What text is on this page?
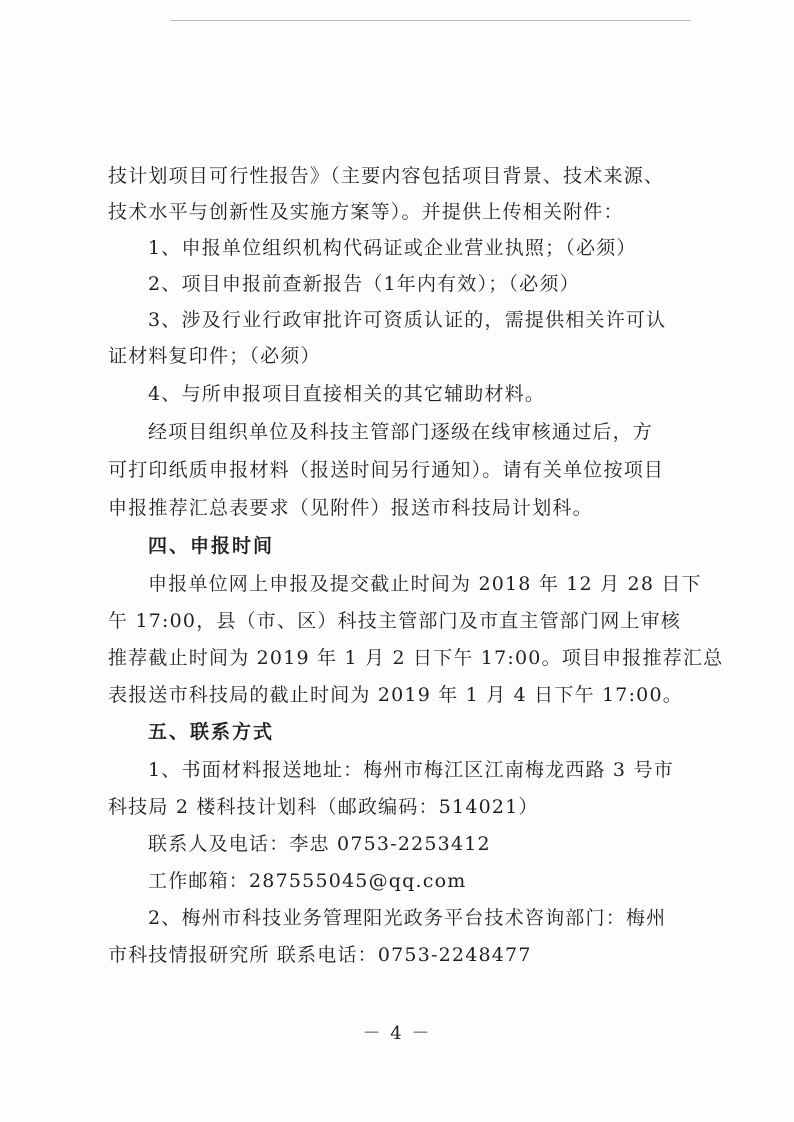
技计划项目可行性报告》（主要内容包括项目背景、技术来源、
技术水平与创新性及实施方案等）。并提供上传相关附件：
1、申报单位组织机构代码证或企业营业执照；（必须）
2、项目申报前查新报告（1年内有效）；（必须）
3、涉及行业行政审批许可资质认证的，需提供相关许可认
证材料复印件；（必须）
4、与所申报项目直接相关的其它辅助材料。
经项目组织单位及科技主管部门逐级在线审核通过后，方
可打印纸质申报材料（报送时间另行通知）。请有关单位按项目
申报推荐汇总表要求（见附件）报送市科技局计划科。
四、申报时间
申报单位网上申报及提交截止时间为 2018 年 12 月 28 日下
午 17:00，县（市、区）科技主管部门及市直主管部门网上审核
推荐截止时间为 2019 年 1 月 2 日下午 17:00。项目申报推荐汇总
表报送市科技局的截止时间为 2019 年 1 月 4 日下午 17:00。
五、联系方式
1、书面材料报送地址：梅州市梅江区江南梅龙西路 3 号市
科技局 2 楼科技计划科（邮政编码：514021）
联系人及电话：李忠 0753-2253412
工作邮箱：287555045@qq.com
2、梅州市科技业务管理阳光政务平台技术咨询部门：梅州
市科技情报研究所 联系电话：0753-2248477
－ 4 －
